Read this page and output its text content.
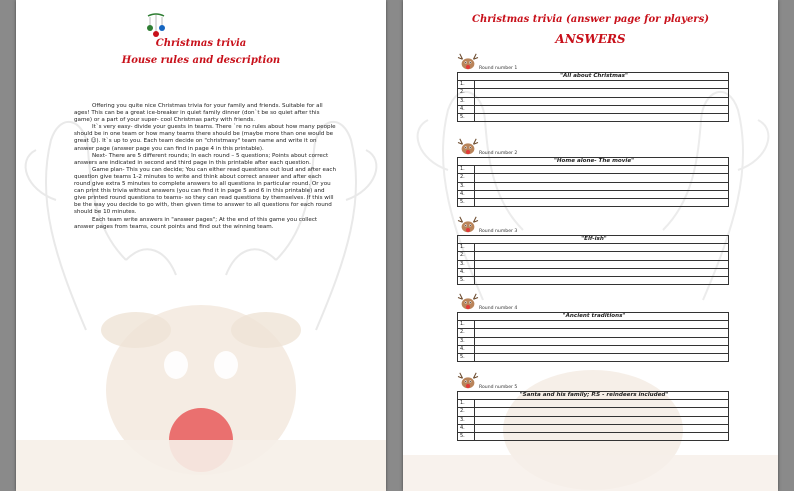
Christmas trivia
House rules and description

Offering you quite nice Christmas trivia for your family and friends. Suitable for all ages! This can be a great ice-breaker in quiet family dinner (don`t be so quiet after this game) or a part of your super- cool Christmas party with friends.

It`s very easy- divide your guests in teams. There `re no rules about how many people should be in one team or how many teams there should be (maybe more than one would be great ☺). It`s up to you. Each team decide on "christmasy" team name and write it on answer page (answer page you can find in page 4 in this printable).

Next- There are 5 different rounds; In each round – 5 questions; Points about correct answers are indicated in second and third page in this printable after each question.

Game plan- This you can decide; You can either read questions out loud and after each question give teams 1-2 minutes to write and think about correct answer and after each round give extra 5 minutes to complete answers to all questions in particular round. Or you can print this trivia without answers (you can find it in page 5 and 6 in this printable) and give printed round questions to teams- so they can read questions by themselves. If this will be the way you decide to go with, then given time to answer to all questions for each round should be 10 minutes.

Each team write answers in "answer pages"; At the end of this game you collect answer pages from teams, count points and find out the winning team.

Christmas trivia (answer page for players)
ANSWERS
Round number 1
"All about Christmas"	
1.	
2.	
3.	
4.	
5.	
Round number 2
"Home alone- The movie"	
1.	
2.	
3.	
4.	
5.	
Round number 3
"Elf-ish"	
1.	
2.	
3.	
4.	
5.	
Round number 4
"Ancient traditions"	
1.	
2.	
3.	
4.	
5.	
Round number 5
"Santa and his family; P.S - reindeers included"	
1.	
2.	
3.	
4.	
5.	
